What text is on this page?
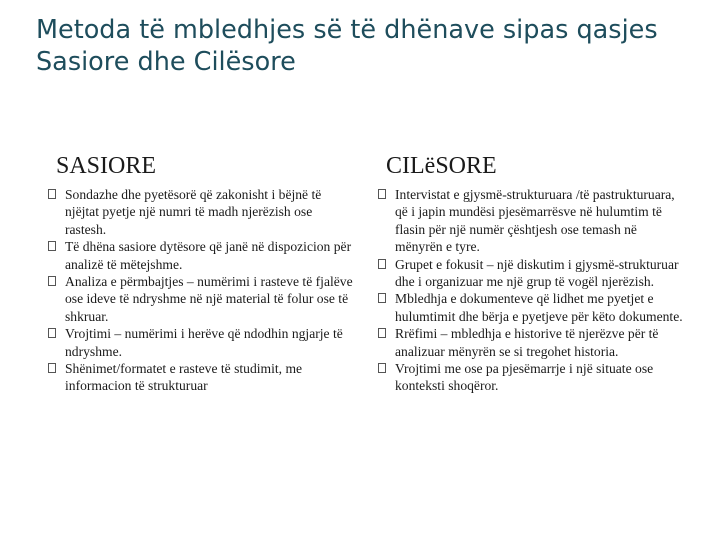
Metoda të mbledhjes së të dhënave sipas qasjes
Sasiore dhe Cilësore
SASIORE	CILëSORE
Sondazhe dhe pyetësorë që zakonisht i bëjnë të njëjtat pyetje një numri të madh njerëzish ose rastesh.
Të dhëna sasiore dytësore që janë në dispozicion për analizë të mëtejshme.
Analiza e përmbajtjes – numërimi i rasteve të fjalëve ose ideve të ndryshme në një material të folur ose të shkruar.
Vrojtimi – numërimi i herëve që ndodhin ngjarje të ndryshme.
Shënimet/formatet e rasteve të studimit, me informacion të strukturuar
Intervistat e gjysmë-strukturuara /të pastrukturuara, që i japin mundësi pjesëmarrësve në hulumtim të flasin për një numër çështjesh ose temash në mënyrën e tyre.
Grupet e fokusit – një diskutim i gjysmë-strukturuar dhe i organizuar me një grup të vogël njerëzish.
Mbledhja e dokumenteve që lidhet me pyetjet e hulumtimit dhe bërja e pyetjeve për këto dokumente.
Rrëfimi – mbledhja e historive të njerëzve për të analizuar mënyrën se si tregohet historia.
Vrojtimi me ose pa pjesëmarrje i një situate ose konteksti shoqëror.
